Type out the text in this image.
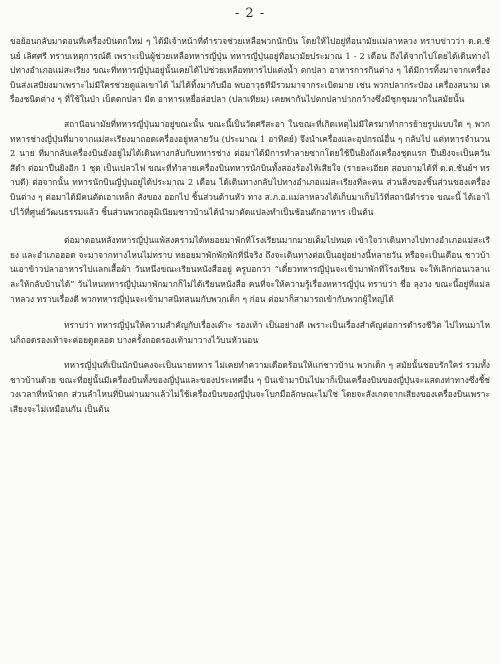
- 2 -

ขอย้อนกลับมาตอนที่เครื่องบินตกใหม่ ๆ ได้มีเจ้าหน้าที่ตำรวจช่วยเหลือพวกนักบิน โดยให้ไปอยู่ที่อนามัยแม่ลาหลวง ทราบข่าวว่า ด.ต.ชันย์ เลิศศรี ทราบเหตุการณ์ดี เพราะเป็นผู้ช่วยเหลือทหารญี่ปุ่น ทหารญี่ปุ่นอยู่ที่อนามัยประมาณ 1 - 2 เดือน ถึงได้จากไปโดยได้เดินทางไปทางอำเภอแม่สะเรียง ขณะที่ทหารญี่ปุ่นอยู่นั้นเคยได้ไปช่วยเหลือทหารไปแต่งน้ำ ตกปลา อาหารการกินต่าง ๆ ได้มีการทิ้งมาจากเครื่องบินส่งเสบียงมาเพราะไม่มีใครช่วยดูแลเขาได้ ไม่ได้ทิ้งมากับมือ พบอาวุธทีมีรวมมาจากระเบิดมาย เช่น พวกปลากระป๋อง เครื่องสนาม เครื่องชนิดต่าง ๆ ที่ใช้ในป่า เบ็ดตกปลา มีด อาหารเหยื่อล่อปลา (ปลาเทียม) เคยพากันไปตกปลาปากกว้างซึ่งมีชุกชุมมากในสมัยนั้น

สถานีอนามัยที่ทหารญี่ปุ่นมาอยู่ขณะนั้น ขณะนี้เป็นวัดศรีสะอา ในขณะที่เกิดเหตุไม่มีใครมาทำการย้ายรูปแบบใด ๆ พวกทหารช่างญี่ปุ่นที่มาจากแม่สะเรียงมาถอดเครื่องอยู่หลายวัน (ประมาณ 1 อาทิตย์) จึงนำเครื่องและอุปกรณ์อื่น ๆ กลับไป แต่ทหารจำนวน 2 นาย ที่มากลับเครื่องบินยังอยู่ไม่ได้เดินทางกลับกับทหารช่าง ต่อมาได้มีการทำลายซากโดยใช้ปืนยิงถังเครื่องชุดแรก ปืนยิงจะเป็นควันสีดำ ต่อมาปืนยิงอีก 1 ชุด เป็นเปลวไฟ ขณะที่ทำลายเครื่องบินทหารนักบินทั้งสองร้องไห้เสียใจ (รายละเอียด สอบถามได้ที่ ด.ต.ชันย์ฯ ทราบดี) ต่อจากนั้น ทหารนักบินญี่ปุ่นอยู่ได้ประมาณ 2 เดือน ได้เดินทางกลับไปทางอำเภอแม่สะเรียงที่ละคน ส่วนสิ่งของชิ้นส่วนของเครื่องบินต่าง ๆ ต่อมาได้มีคนตัดเอาเหล็ก สังของ ออกไป ชิ้นส่วนด้านหัว ทาง ส.ภ.อ.แม่ลาหลวงได้เก็บมาเก็บไว้ที่สถานีตำรวจ ขณะนี้ ได้เอาไปไว้ที่ศูนย์วัฒนธรรมแล้ว ชิ้นส่วนพวกอลูมิเนียมชาวบ้านได้นำมาตัดแปลงทำเป็นช้อนตักอาหาร เป็นต้น

ต่อมาตอนหลังทหารญี่ปุ่นแพ้สงครามได้ทยอยมาพักที่โรงเรียนมากมายเต็มไปหมด เข้าใจว่าเดินทางไปทางอำเภอแม่สะเรียง และอำเภอฮอด จะมาจากทางไหนไม่ทราบ ทยอยมาพักพักพักที่นี่จริง ถึงจะเดินทางต่อเป็นอยู่อย่างนี้หลายวัน หรือจะเป็นเดือน ชาวบ้านเอาข้าวปลาอาหารไปแลกเสื้อผ้า วันหนึ่งขณะเรียนหนังสืออยู่ ครูบอกว่า “เดี๋ยวทหารญี่ปุ่นจะเข้ามาพักที่โรงเรียน จะให้เลิกก่อนเวลาและให้กลับบ้านได้” วันไหนทหารญี่ปุ่นมาพักมากก็ไม่ได้เรียนหนังสือ คนที่จะให้ความรู้เรื่องทหารญี่ปุ่น ทราบว่า ชื่อ ลุงวง ขณะนี้อยู่ที่แม่ลาหลวง ทราบเรื่องดี พวกทหารญี่ปุ่นจะเข้ามาสนิทสนมกับพวกเด็ก ๆ ก่อน ต่อมาก็สามารถเข้ากับพวกผู้ใหญ่ได้

ทราบว่า ทหารญี่ปุ่นให้ความสำคัญกับเรื่องเต๊าะ รองเท้า เป็นอย่างดี เพราะเป็นเรื่องสำคัญต่อการดำรงชีวิต ไปไหนมาไหนก็ถอดรองเท้าจะค่อยดูดลอด บางครั้งถอดรองเท้ามาวางไว้บนหัวนอน

ทหารญี่ปุ่นที่เป็นนักบินคงจะเป็นนายทหาร ไม่เคยทำความเดือดร้อนให้แก่ชาวบ้าน พวกเด็ก ๆ สมัยนั้นชอบรักใคร่ รวมทั้งชาวบ้านด้วย ขณะที่อยู่นั้นมีเครื่องบินทั้งของญี่ปุ่นและของประเทศอื่น ๆ บินเข้ามาบินไปมาก็เป็นเครื่องบินของญี่ปุ่นจะแสดงท่าทางซึ่งชี้ช่วงเวลาที่หน้าตก ส่วนลำไหนที่บินผ่านมาแล้วไม่ใช้เครื่องบินของญี่ปุ่นจะโบกมือลักษณะไม่ใช่ โดยจะสังเกตจากเสียงของเครื่องบินเพราะเสียงจะไม่เหมือนกัน เป็นต้น
